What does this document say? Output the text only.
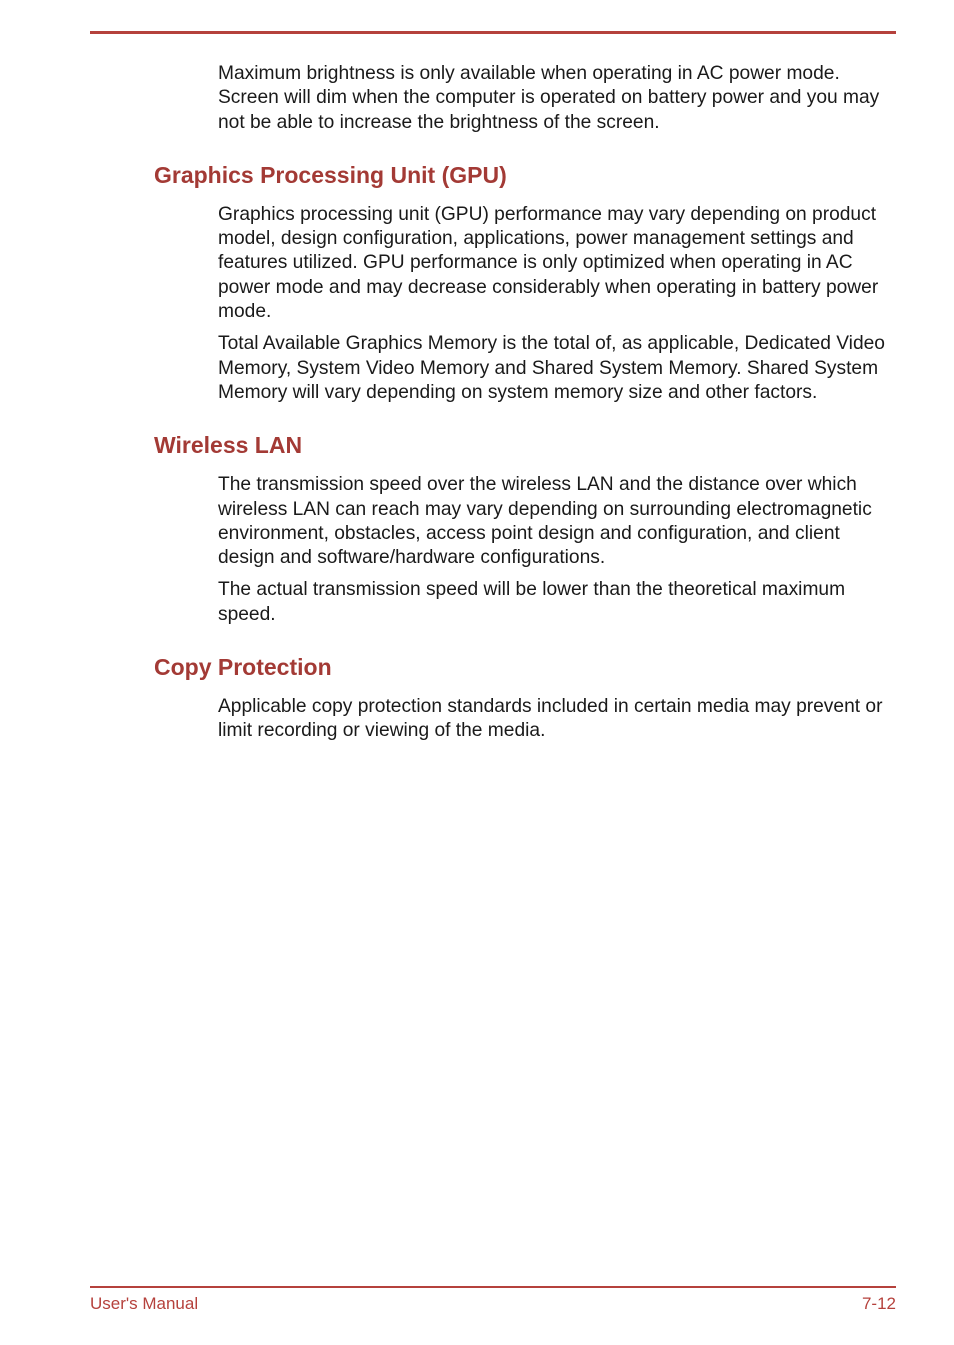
Maximum brightness is only available when operating in AC power mode. Screen will dim when the computer is operated on battery power and you may not be able to increase the brightness of the screen.

Graphics Processing Unit (GPU)

Graphics processing unit (GPU) performance may vary depending on product model, design configuration, applications, power management settings and features utilized. GPU performance is only optimized when operating in AC power mode and may decrease considerably when operating in battery power mode.

Total Available Graphics Memory is the total of, as applicable, Dedicated Video Memory, System Video Memory and Shared System Memory. Shared System Memory will vary depending on system memory size and other factors.

Wireless LAN

The transmission speed over the wireless LAN and the distance over which wireless LAN can reach may vary depending on surrounding electromagnetic environment, obstacles, access point design and configuration, and client design and software/hardware configurations.

The actual transmission speed will be lower than the theoretical maximum speed.

Copy Protection

Applicable copy protection standards included in certain media may prevent or limit recording or viewing of the media.

User's Manual	7-12
